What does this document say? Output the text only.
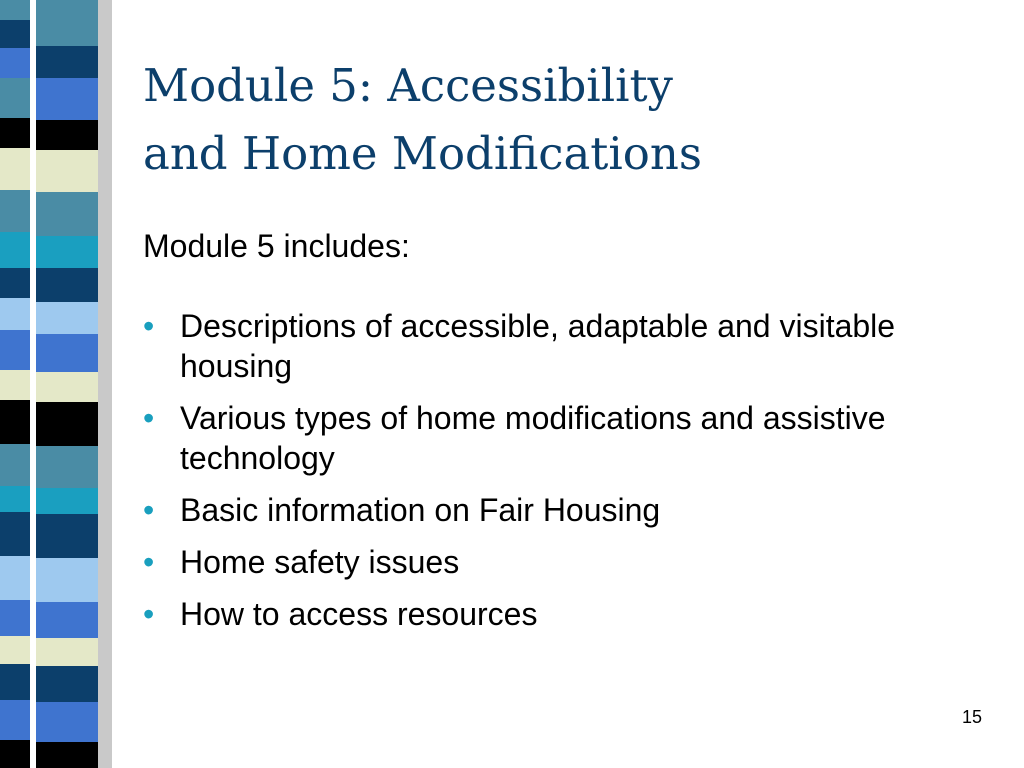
Module 5: Accessibility
and Home Modifications

Module 5 includes:

• Descriptions of accessible, adaptable and visitable housing
• Various types of home modifications and assistive technology
• Basic information on Fair Housing
• Home safety issues
• How to access resources
15
